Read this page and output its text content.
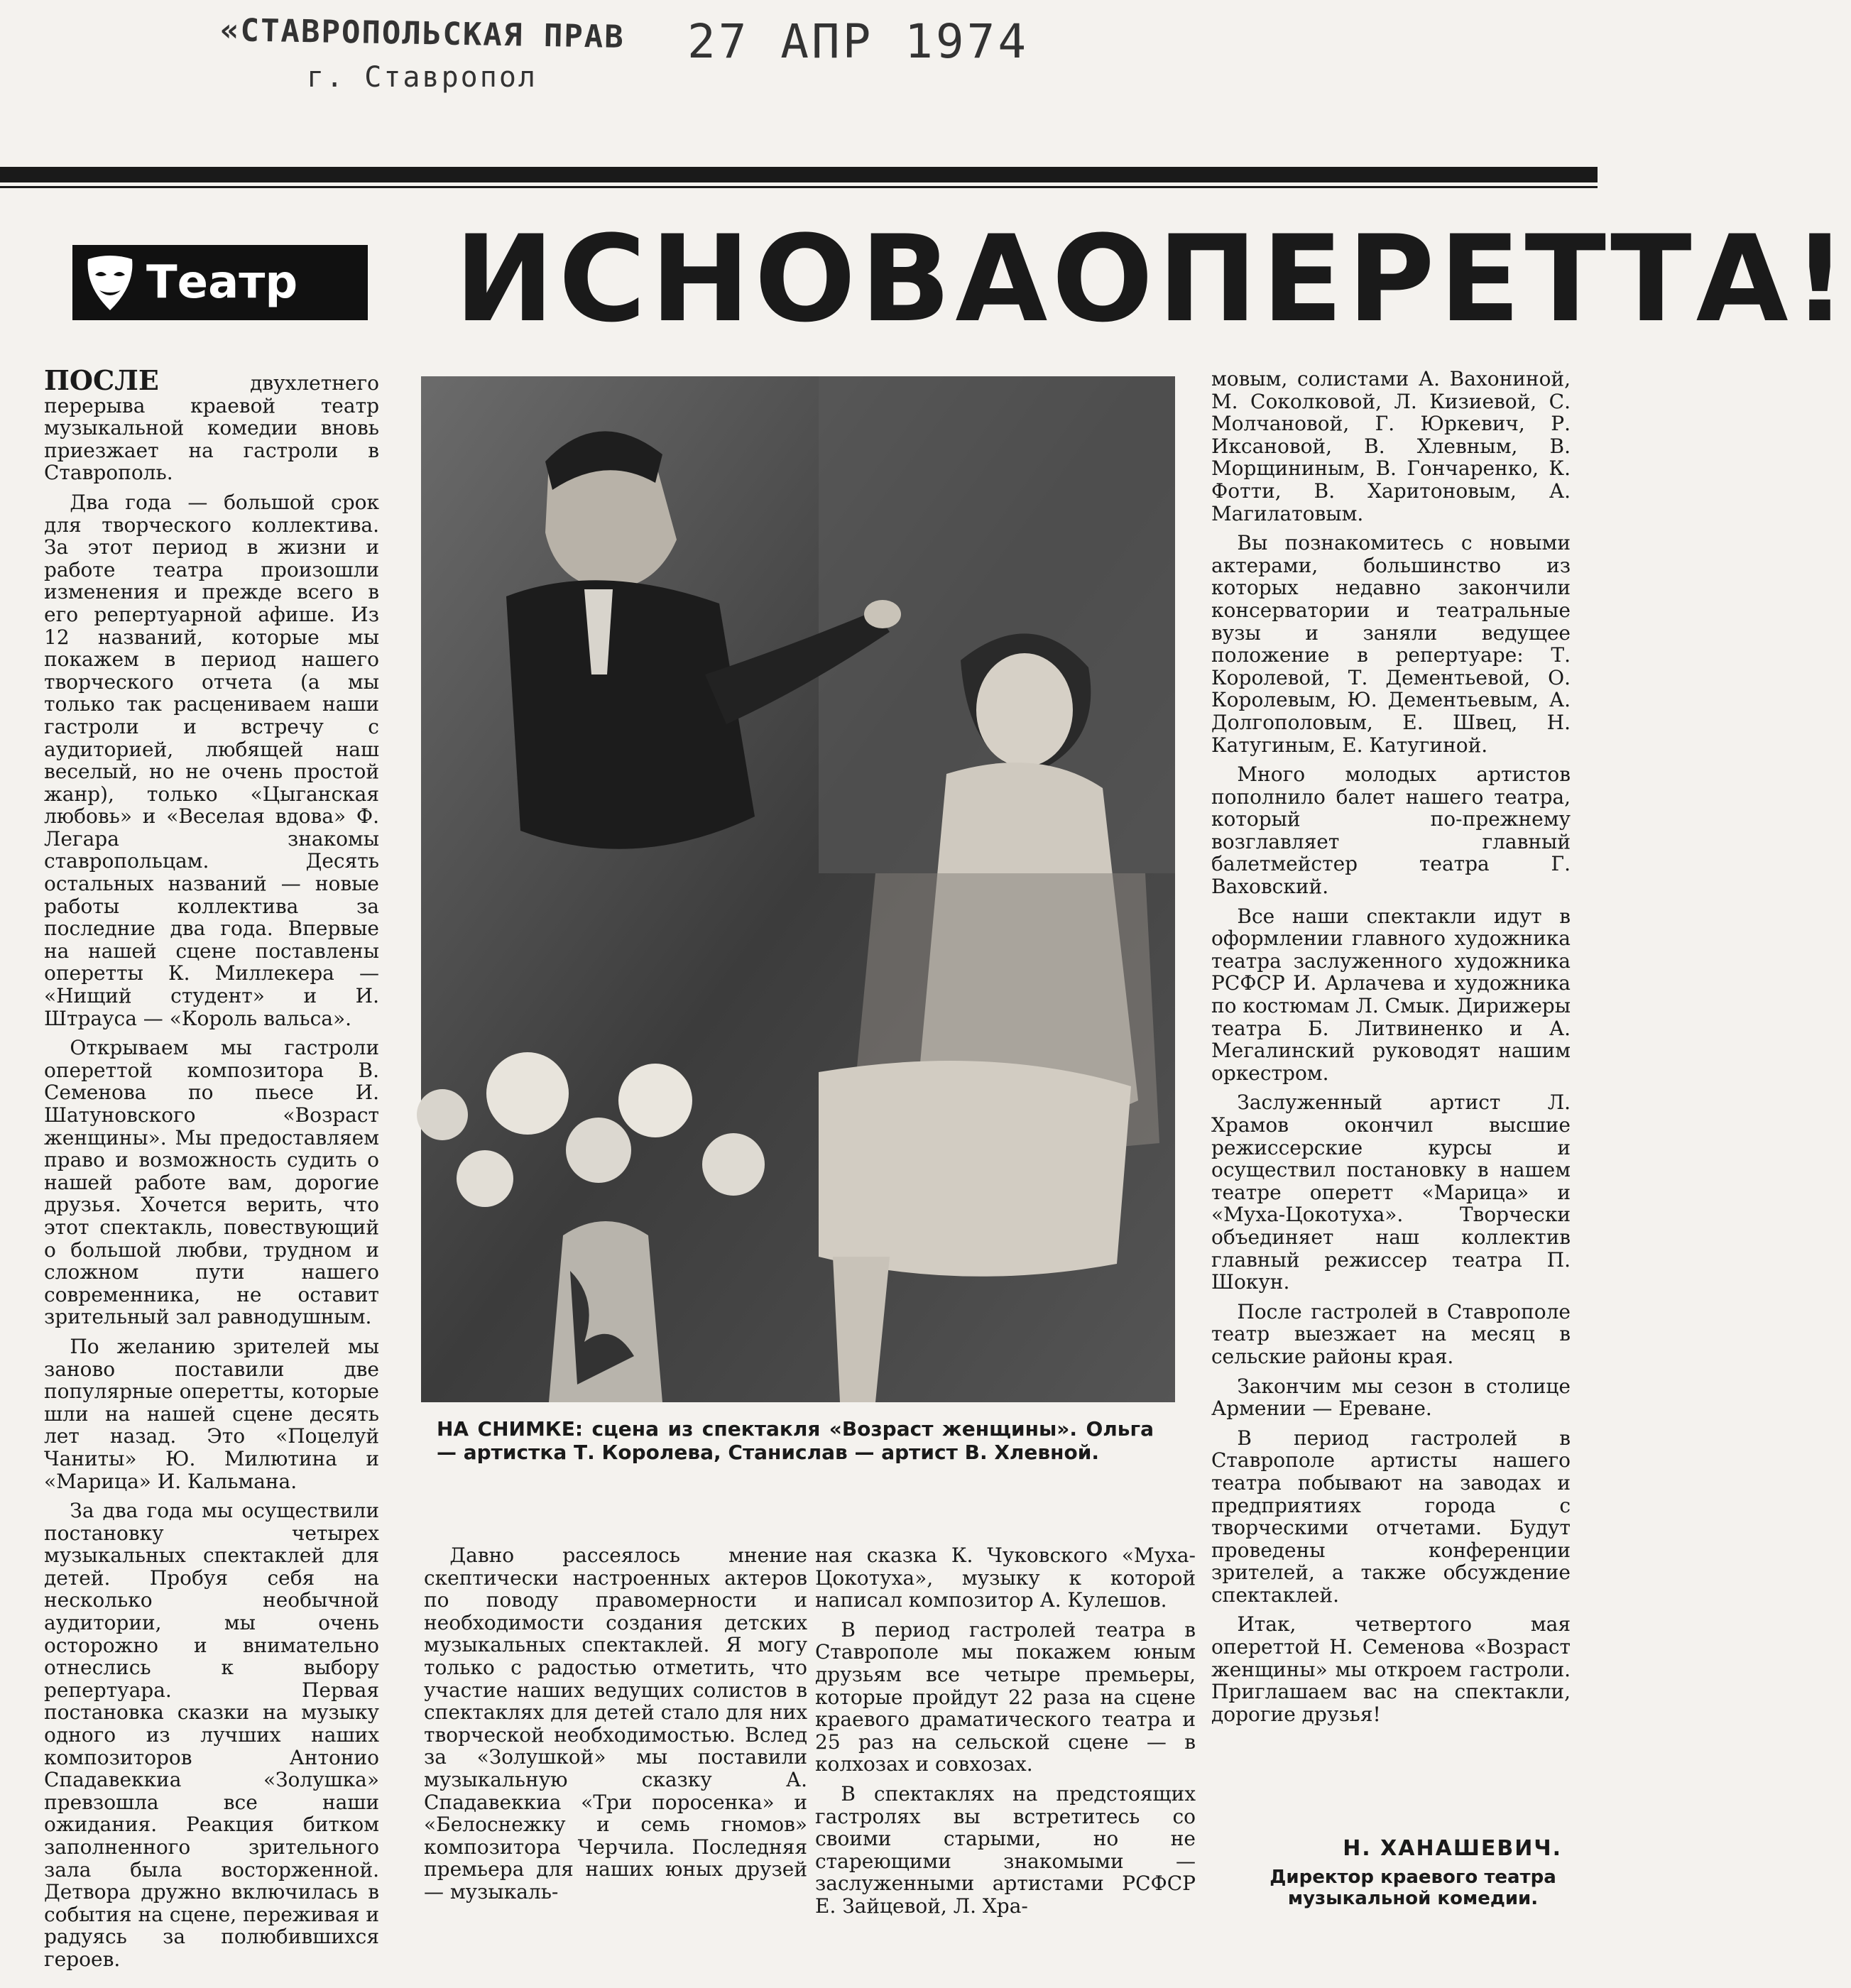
«СТАВРОПОЛЬСКАЯ ПРАВ
г. Ставропол
27 АПР 1974
Театр И СНОВА ОПЕРЕТТА!

ПОСЛЕ двухлетнего перерыва краевой театр музыкальной комедии вновь приезжает на гастроли в Ставрополь.

Два года — большой срок для творческого коллектива. За этот период в жизни и работе театра произошли изменения и прежде всего в его репертуарной афише. Из 12 названий, которые мы покажем в период нашего творческого отчета (а мы только так расцениваем наши гастроли и встречу с аудиторией, любящей наш веселый, но не очень простой жанр), только «Цыганская любовь» и «Веселая вдова» Ф. Легара знакомы ставропольцам. Десять остальных названий — новые работы коллектива за последние два года. Впервые на нашей сцене поставлены оперетты К. Миллекера — «Нищий студент» и И. Штрауса — «Король вальса».

Открываем мы гастроли опереттой композитора В. Семенова по пьесе И. Шатуновского «Возраст женщины». Мы предоставляем право и возможность судить о нашей работе вам, дорогие друзья. Хочется верить, что этот спектакль, повествующий о большой любви, трудном и сложном пути нашего современника, не оставит зрительный зал равнодушным.

По желанию зрителей мы заново поставили две популярные оперетты, которые шли на нашей сцене десять лет назад. Это «Поцелуй Чаниты» Ю. Милютина и «Марица» И. Кальмана.

За два года мы осуществили постановку четырех музыкальных спектаклей для детей. Пробуя себя на несколько необычной аудитории, мы очень осторожно и внимательно отнеслись к выбору репертуара. Первая постановка сказки на музыку одного из лучших наших композиторов Антонио Спадавеккиа «Золушка» превзошла все наши ожидания. Реакция битком заполненного зрительного зала была восторженной. Детвора дружно включилась в события на сцене, переживая и радуясь за полюбившихся героев.

НА СНИМКЕ: сцена из спектакля «Возраст женщины». Ольга — артистка Т. Королева, Станислав — артист В. Хлевной.

Давно рассеялось мнение скептически настроенных актеров по поводу правомерности и необходимости создания детских музыкальных спектаклей. Я могу только с радостью отметить, что участие наших ведущих солистов в спектаклях для детей стало для них творческой необходимостью. Вслед за «Золушкой» мы поставили музыкальную сказку А. Спадавеккиа «Три поросенка» и «Белоснежку и семь гномов» композитора Черчила. Последняя премьера для наших юных друзей — музыкаль-

ная сказка К. Чуковского «Муха-Цокотуха», музыку к которой написал композитор А. Кулешов.

В период гастролей театра в Ставрополе мы покажем юным друзьям все четыре премьеры, которые пройдут 22 раза на сцене краевого драматического театра и 25 раз на сельской сцене — в колхозах и совхозах.

В спектаклях на предстоящих гастролях вы встретитесь со своими старыми, но не стареющими знакомыми — заслуженными артистами РСФСР Е. Зайцевой, Л. Хра-

мовым, солистами А. Вахониной, М. Соколковой, Л. Кизиевой, С. Молчановой, Г. Юркевич, Р. Иксановой, В. Хлевным, В. Морщининым, В. Гончаренко, К. Фотти, В. Харитоновым, А. Магилатовым.

Вы познакомитесь с новыми актерами, большинство из которых недавно закончили консерватории и театральные вузы и заняли ведущее положение в репертуаре: Т. Королевой, Т. Дементьевой, О. Королевым, Ю. Дементьевым, А. Долгополовым, Е. Швец, Н. Катугиным, Е. Катугиной.

Много молодых артистов пополнило балет нашего театра, который по-прежнему возглавляет главный балетмейстер театра Г. Ваховский.

Все наши спектакли идут в оформлении главного художника театра заслуженного художника РСФСР И. Арлачева и художника по костюмам Л. Смык. Дирижеры театра Б. Литвиненко и А. Мегалинский руководят нашим оркестром.

Заслуженный артист Л. Храмов окончил высшие режиссерские курсы и осуществил постановку в нашем театре оперетт «Марица» и «Муха-Цокотуха». Творчески объединяет наш коллектив главный режиссер театра П. Шокун.

После гастролей в Ставрополе театр выезжает на месяц в сельские районы края.

Закончим мы сезон в столице Армении — Ереване.

В период гастролей в Ставрополе артисты нашего театра побывают на заводах и предприятиях города с творческими отчетами. Будут проведены конференции зрителей, а также обсуждение спектаклей.

Итак, четвертого мая опереттой Н. Семенова «Возраст женщины» мы откроем гастроли. Приглашаем вас на спектакли, дорогие друзья!

Н. ХАНАШЕВИЧ.
Директор краевого театра музыкальной комедии.
